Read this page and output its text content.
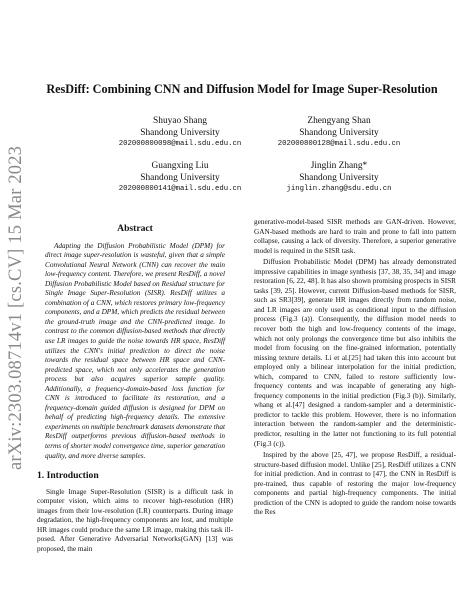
arXiv:2303.08714v1 [cs.CV] 15 Mar 2023
ResDiff: Combining CNN and Diffusion Model for Image Super-Resolution
Shuyao Shang
Shandong University
202000800098@mail.sdu.edu.cn
Zhengyang Shan
Shandong University
202000800128@mail.sdu.edu.cn
Guangxing Liu
Shandong University
202000800141@mail.sdu.edu.cn
Jinglin Zhang*
Shandong University
jinglin.zhang@sdu.edu.cn
Abstract

Adapting the Diffusion Probabilistic Model (DPM) for direct image super-resolution is wasteful, given that a simple Convolutional Neural Network (CNN) can recover the main low-frequency content. Therefore, we present ResDiff, a novel Diffusion Probabilistic Model based on Residual structure for Single Image Super-Resolution (SISR). ResDiff utilizes a combination of a CNN, which restores primary low-frequency components, and a DPM, which predicts the residual between the ground-truth image and the CNN-predicted image. In contrast to the common diffusion-based methods that directly use LR images to guide the noise towards HR space, ResDiff utilizes the CNN's initial prediction to direct the noise towards the residual space between HR space and CNN-predicted space, which not only accelerates the generation process but also acquires superior sample quality. Additionally, a frequency-domain-based loss function for CNN is introduced to facilitate its restoration, and a frequency-domain guided diffusion is designed for DPM on behalf of predicting high-frequency details. The extensive experiments on multiple benchmark datasets demonstrate that ResDiff outperforms previous diffusion-based methods in terms of shorter model convergence time, superior generation quality, and more diverse samples.

1. Introduction

Single Image Super-Resolution (SISR) is a difficult task in computer vision, which aims to recover high-resolution (HR) images from their low-resolution (LR) counterparts. During image degradation, the high-frequency components are lost, and multiple HR images could produce the same LR image, making this task ill-posed. After Generative Adversarial Networks(GAN) [13] was proposed, the main

generative-model-based SISR methods are GAN-driven. However, GAN-based methods are hard to train and prone to fall into pattern collapse, causing a lack of diversity. Therefore, a superior generative model is required in the SISR task.

Diffusion Probabilistic Model (DPM) has already demonstrated impressive capabilities in image synthesis [37, 38, 35, 34] and image restoration [6, 22, 48]. It has also shown promising prospects in SISR tasks [39, 25]. However, current Diffusion-based methods for SISR, such as SR3[39], generate HR images directly from random noise, and LR images are only used as conditional input to the diffusion process (Fig.3 (a)). Consequently, the diffusion model needs to recover both the high and low-frequency contents of the image, which not only prolongs the convergence time but also inhibits the model from focusing on the fine-grained information, potentially missing texture details. Li et al.[25] had taken this into account but employed only a bilinear interpolation for the initial prediction, which, compared to CNN, failed to restore sufficiently low-frequency contents and was incapable of generating any high-frequency components in the initial prediction (Fig.3 (b)). Similarly, whang et al.[47] designed a random-sampler and a deterministic-predictor to tackle this problem. However, there is no information interaction between the random-sampler and the deterministic-predictor, resulting in the latter not functioning to its full potential (Fig.3 (c)).

Inspired by the above [25, 47], we propose ResDiff, a residual-structure-based diffusion model. Unlike [25], ResDiff utilizes a CNN for initial prediction. And in contrast to [47], the CNN in ResDiff is pre-trained, thus capable of restoring the major low-frequency components and partial high-frequency components. The initial prediction of the CNN is adopted to guide the random noise towards the Res
